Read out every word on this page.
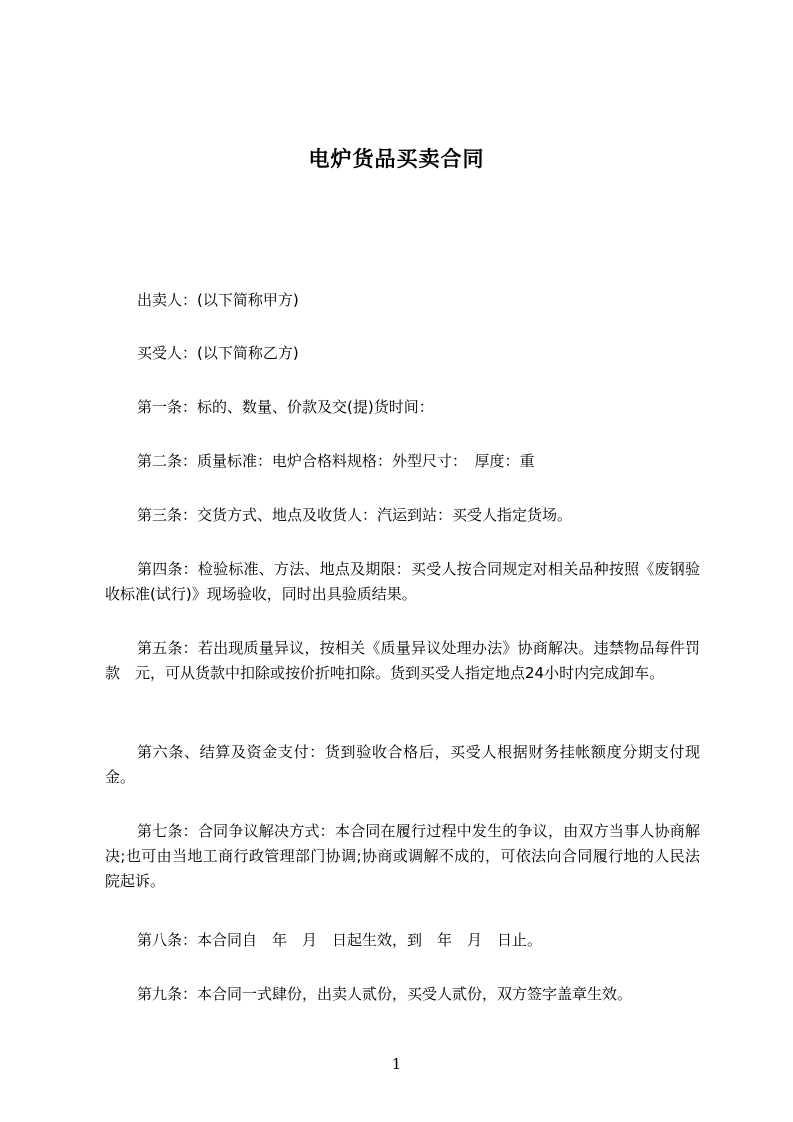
电炉货品买卖合同

出卖人：(以下简称甲方)

买受人：(以下简称乙方)

第一条：标的、数量、价款及交(提)货时间：

第二条：质量标准：电炉合格料规格：外型尺寸：　厚度：重

第三条：交货方式、地点及收货人：汽运到站：买受人指定货场。

第四条：检验标准、方法、地点及期限：买受人按合同规定对相关品种按照《废钢验收标准(试行)》现场验收，同时出具验质结果。

第五条：若出现质量异议，按相关《质量异议处理办法》协商解决。违禁物品每件罚款　元，可从货款中扣除或按价折吨扣除。货到买受人指定地点24小时内完成卸车。

第六条、结算及资金支付：货到验收合格后，买受人根据财务挂帐额度分期支付现金。

第七条：合同争议解决方式：本合同在履行过程中发生的争议，由双方当事人协商解决;也可由当地工商行政管理部门协调;协商或调解不成的，可依法向合同履行地的人民法院起诉。

第八条：本合同自　年　月　日起生效，到　年　月　日止。

第九条：本合同一式肆份，出卖人贰份，买受人贰份，双方签字盖章生效。

1
